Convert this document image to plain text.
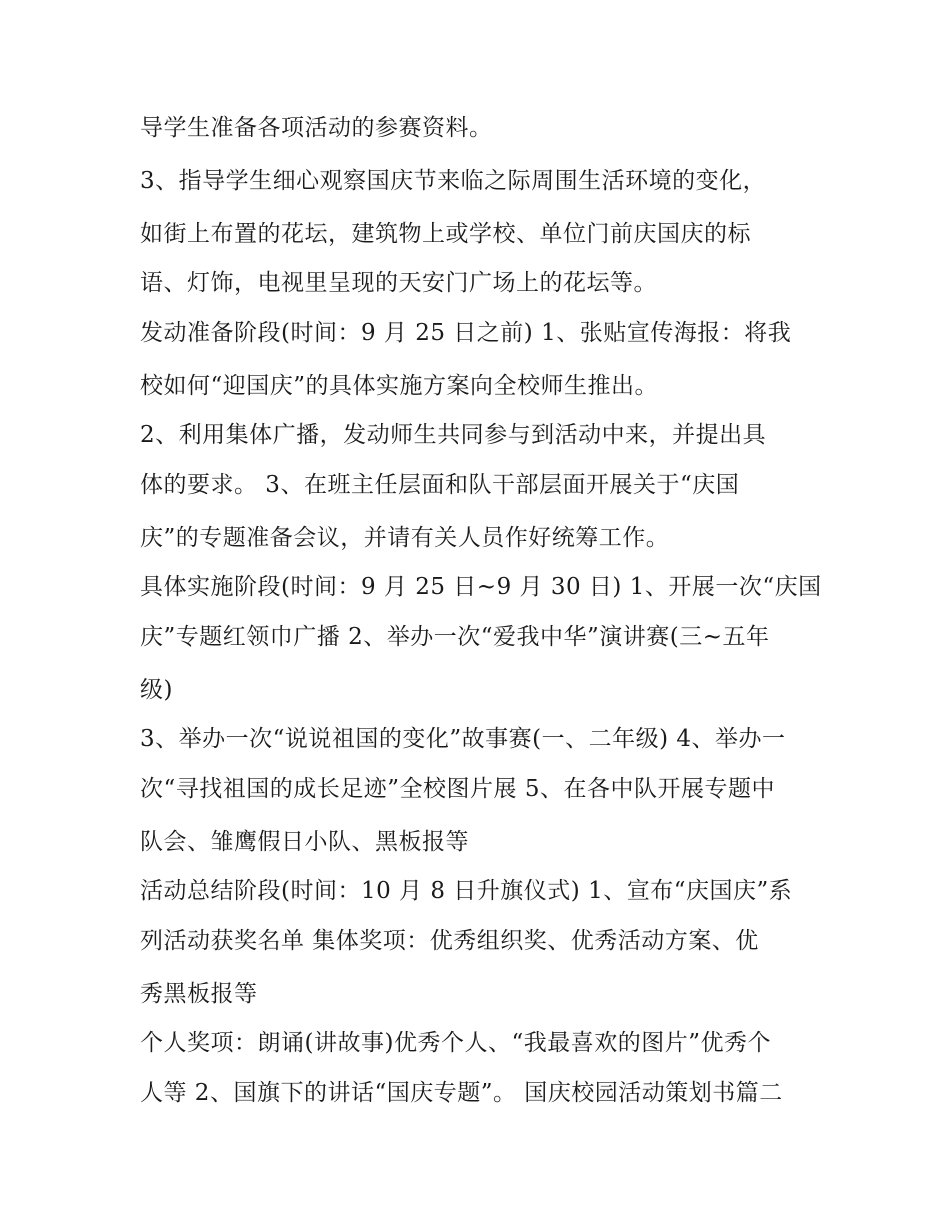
导学生准备各项活动的参赛资料。
3、指导学生细心观察国庆节来临之际周围生活环境的变化，
如街上布置的花坛，建筑物上或学校、单位门前庆国庆的标
语、灯饰，电视里呈现的天安门广场上的花坛等。
发动准备阶段(时间：9 月 25 日之前) 1、张贴宣传海报：将我
校如何“迎国庆”的具体实施方案向全校师生推出。
2、利用集体广播，发动师生共同参与到活动中来，并提出具
体的要求。 3、在班主任层面和队干部层面开展关于“庆国
庆”的专题准备会议，并请有关人员作好统筹工作。
具体实施阶段(时间：9 月 25 日~9 月 30 日) 1、开展一次“庆国
庆”专题红领巾广播 2、举办一次“爱我中华”演讲赛(三~五年
级)
3、举办一次“说说祖国的变化”故事赛(一、二年级) 4、举办一
次“寻找祖国的成长足迹”全校图片展 5、在各中队开展专题中
队会、雏鹰假日小队、黑板报等
活动总结阶段(时间：10 月 8 日升旗仪式) 1、宣布“庆国庆”系
列活动获奖名单 集体奖项：优秀组织奖、优秀活动方案、优
秀黑板报等
个人奖项：朗诵(讲故事)优秀个人、“我最喜欢的图片”优秀个
人等 2、国旗下的讲话“国庆专题”。 国庆校园活动策划书篇二
